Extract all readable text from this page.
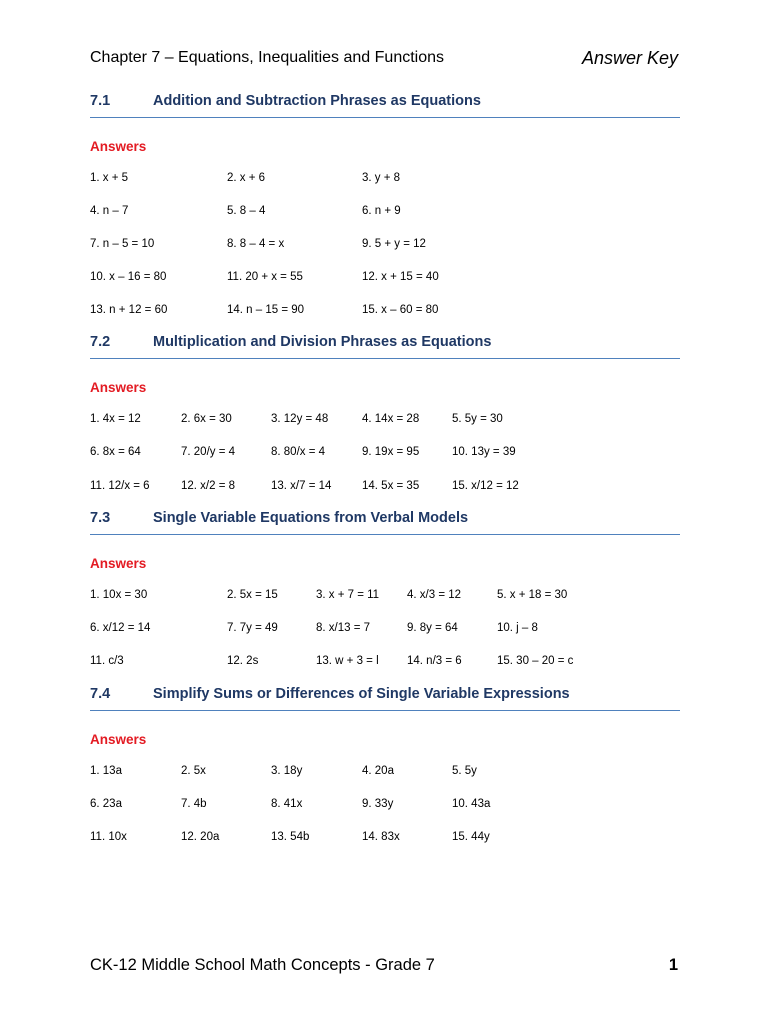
Chapter 7 – Equations, Inequalities and Functions	Answer Key
7.1	Addition and Subtraction Phrases as Equations
Answers
1. x + 5	2. x + 6	3. y + 8
4. n – 7	5. 8 – 4	6. n + 9
7. n – 5 = 10	8. 8 – 4 = x	9. 5 + y = 12
10. x – 16 = 80	11. 20 + x = 55	12. x + 15 = 40
13. n + 12 = 60	14. n – 15 = 90	15. x – 60 = 80
7.2	Multiplication and Division Phrases as Equations
Answers
1. 4x = 12	2. 6x = 30	3. 12y = 48	4. 14x = 28	5. 5y = 30
6. 8x = 64	7. 20/y = 4	8. 80/x = 4	9. 19x = 95	10. 13y = 39
11. 12/x = 6	12. x/2 = 8	13. x/7 = 14	14. 5x = 35	15. x/12 = 12
7.3	Single Variable Equations from Verbal Models
Answers
1. 10x = 30	2. 5x = 15	3. x + 7 = 11 4. x/3 = 12	5. x + 18 = 30
6. x/12 = 14	7. 7y = 49	8. x/13 = 7	9. 8y = 64	10. j – 8
11. c/3	12. 2s	13. w + 3 = l 14. n/3 = 6	15. 30 – 20 = c
7.4	Simplify Sums or Differences of Single Variable Expressions
Answers
1. 13a	2. 5x	3. 18y	4. 20a	5. 5y
6. 23a	7. 4b	8. 41x	9. 33y	10. 43a
11. 10x	12. 20a	13. 54b	14. 83x	15. 44y
CK-12 Middle School Math Concepts - Grade 7	1
